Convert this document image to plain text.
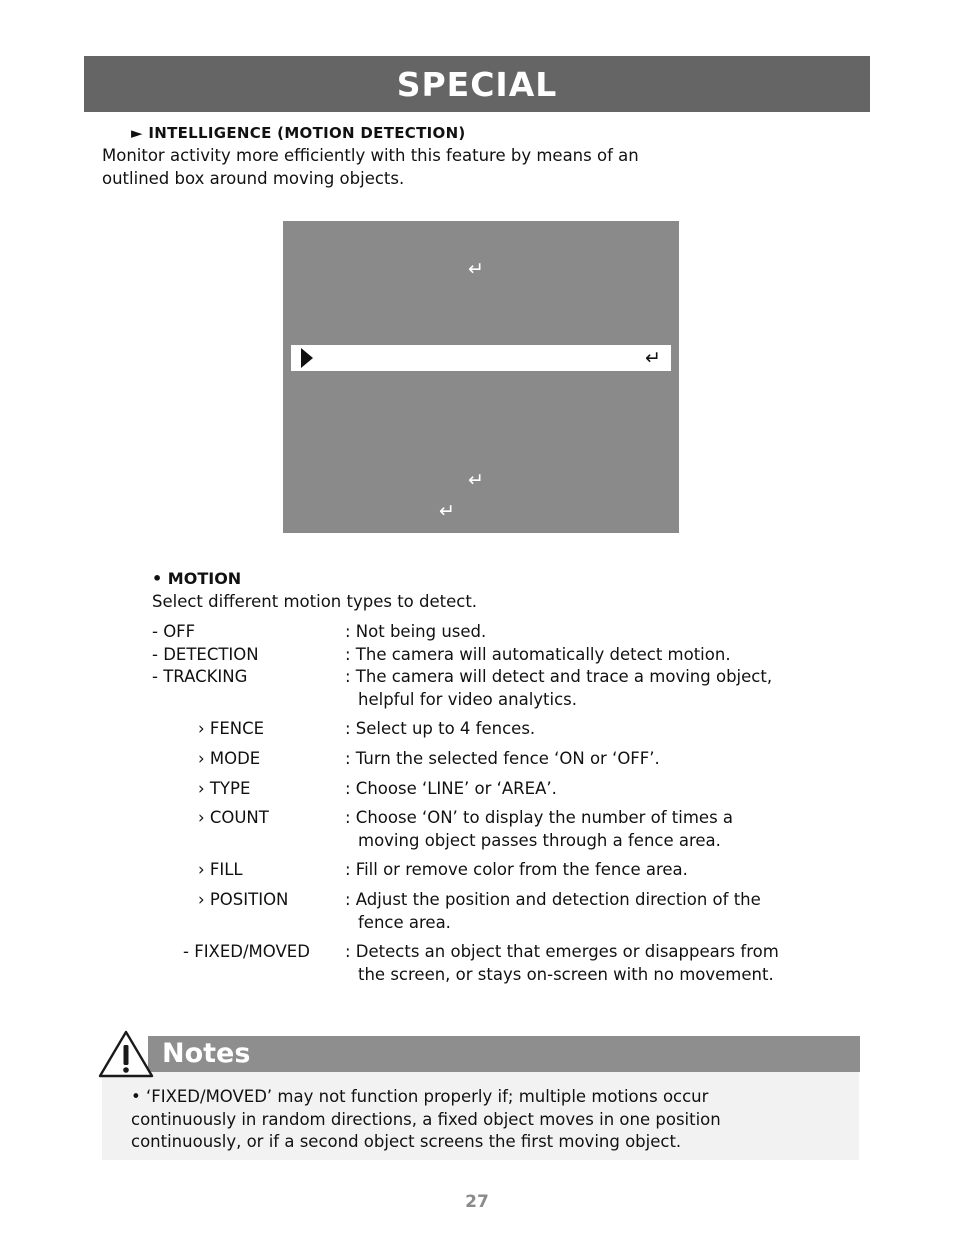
SPECIAL
► INTELLIGENCE (MOTION DETECTION)
Monitor activity more efficiently with this feature by means of an
outlined box around moving objects.
↵
↵
↵
↵
• MOTION
Select different motion types to detect.
- OFF	: Not being used.
- DETECTION	: The camera will automatically detect motion.
- TRACKING	: The camera will detect and trace a moving object,
helpful for video analytics.
› FENCE	: Select up to 4 fences.
› MODE	: Turn the selected fence ‘ON or ‘OFF’.
› TYPE	: Choose ‘LINE’ or ‘AREA’.
› COUNT	: Choose ‘ON’ to display the number of times a
moving object passes through a fence area.
› FILL	: Fill or remove color from the fence area.
› POSITION	: Adjust the position and detection direction of the
fence area.
- FIXED/MOVED : Detects an object that emerges or disappears from
the screen, or stays on-screen with no movement.
Notes
• ‘FIXED/MOVED’ may not function properly if; multiple motions occur
continuously in random directions, a fixed object moves in one position
continuously, or if a second object screens the first moving object.
27
